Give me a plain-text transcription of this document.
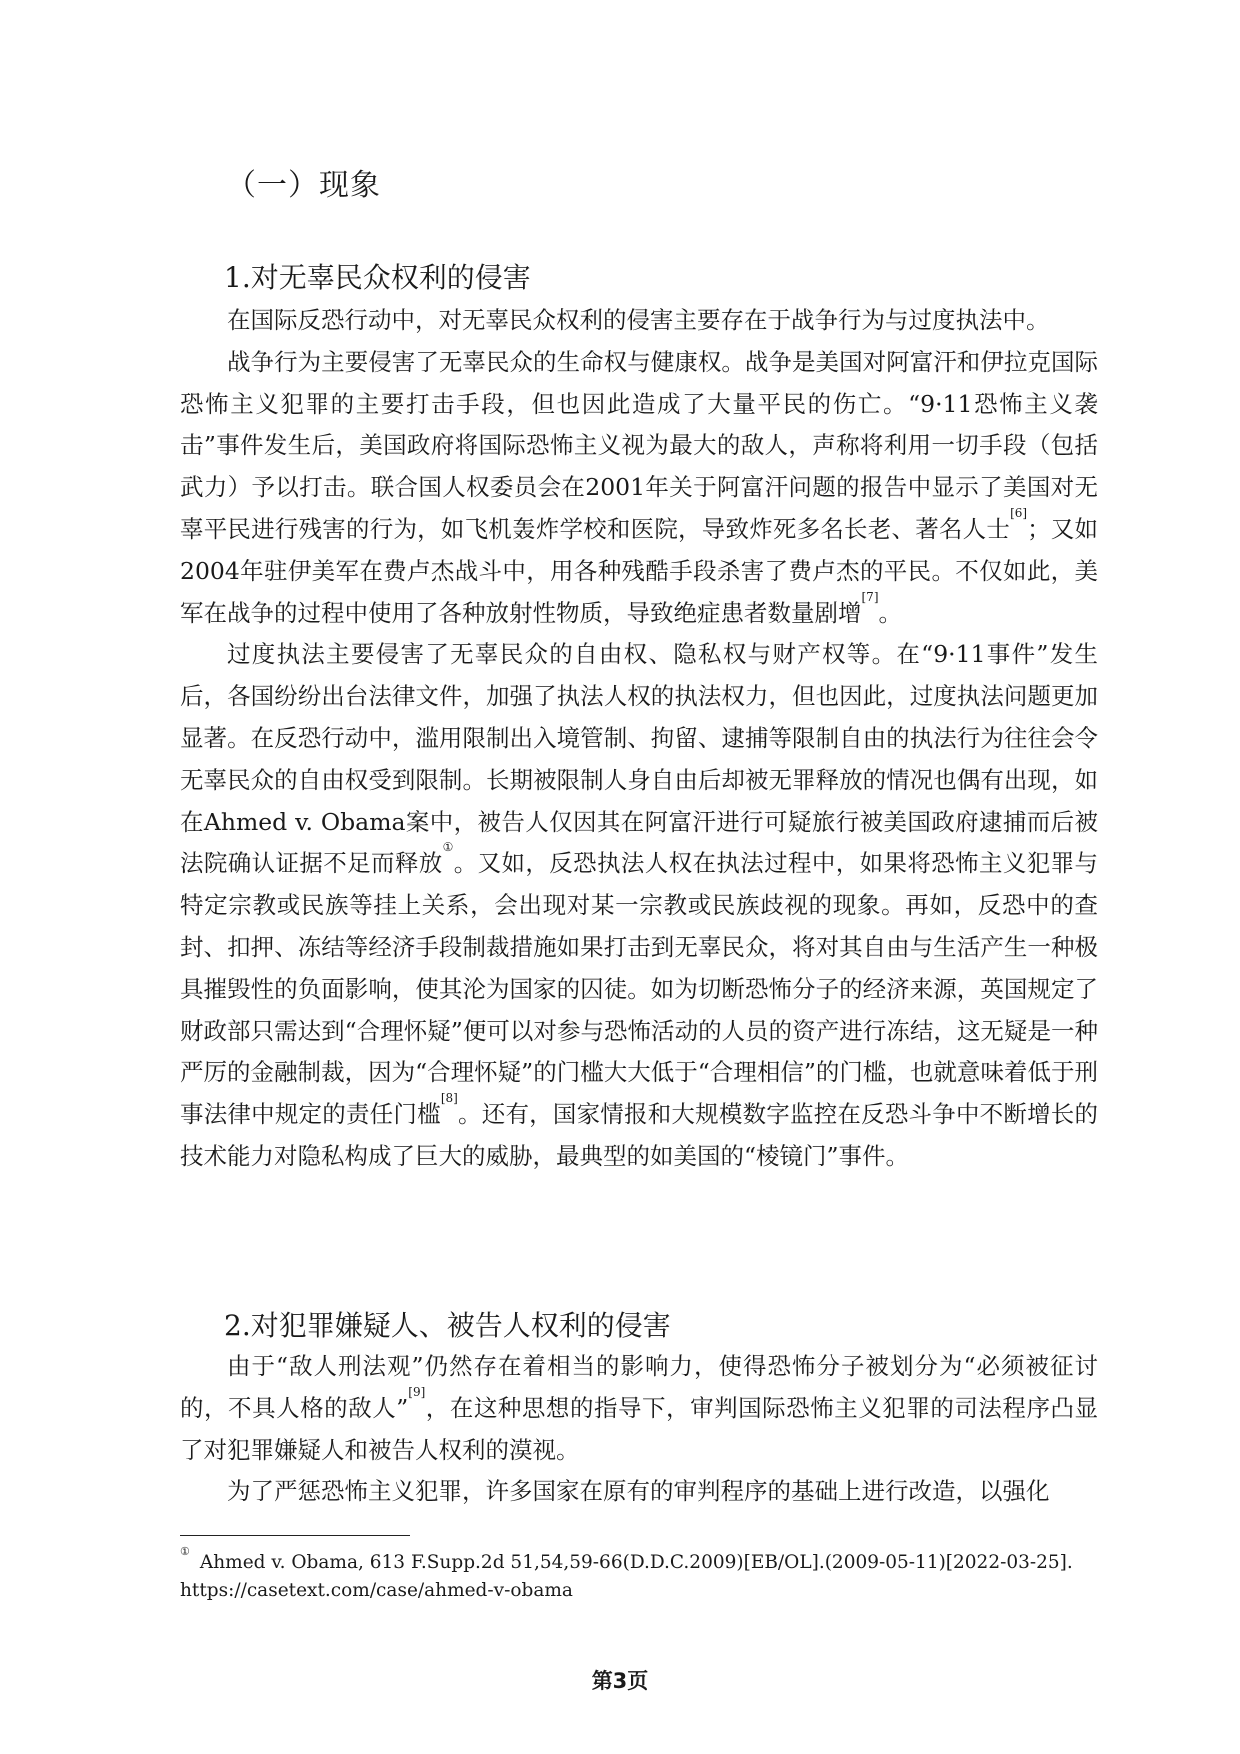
（一）现象
1.对无辜民众权利的侵害

在国际反恐行动中，对无辜民众权利的侵害主要存在于战争行为与过度执法中。

战争行为主要侵害了无辜民众的生命权与健康权。战争是美国对阿富汗和伊拉克国际恐怖主义犯罪的主要打击手段，但也因此造成了大量平民的伤亡。“9·11恐怖主义袭击”事件发生后，美国政府将国际恐怖主义视为最大的敌人，声称将利用一切手段（包括武力）予以打击。联合国人权委员会在2001年关于阿富汗问题的报告中显示了美国对无辜平民进行残害的行为，如飞机轰炸学校和医院，导致炸死多名长老、著名人士[6]；又如2004年驻伊美军在费卢杰战斗中，用各种残酷手段杀害了费卢杰的平民。不仅如此，美军在战争的过程中使用了各种放射性物质，导致绝症患者数量剧增[7]。

过度执法主要侵害了无辜民众的自由权、隐私权与财产权等。在“9·11事件”发生后，各国纷纷出台法律文件，加强了执法人权的执法权力，但也因此，过度执法问题更加显著。在反恐行动中，滥用限制出入境管制、拘留、逮捕等限制自由的执法行为往往会令无辜民众的自由权受到限制。长期被限制人身自由后却被无罪释放的情况也偶有出现，如在Ahmed v. Obama案中，被告人仅因其在阿富汗进行可疑旅行被美国政府逮捕而后被法院确认证据不足而释放①。又如，反恐执法人权在执法过程中，如果将恐怖主义犯罪与特定宗教或民族等挂上关系，会出现对某一宗教或民族歧视的现象。再如，反恐中的查封、扣押、冻结等经济手段制裁措施如果打击到无辜民众，将对其自由与生活产生一种极具摧毁性的负面影响，使其沦为国家的囚徒。如为切断恐怖分子的经济来源，英国规定了财政部只需达到“合理怀疑”便可以对参与恐怖活动的人员的资产进行冻结，这无疑是一种严厉的金融制裁，因为“合理怀疑”的门槛大大低于“合理相信”的门槛，也就意味着低于刑事法律中规定的责任门槛[8]。还有，国家情报和大规模数字监控在反恐斗争中不断增长的技术能力对隐私构成了巨大的威胁，最典型的如美国的“棱镜门”事件。

2.对犯罪嫌疑人、被告人权利的侵害

由于“敌人刑法观”仍然存在着相当的影响力，使得恐怖分子被划分为“必须被征讨的，不具人格的敌人”[9]，在这种思想的指导下，审判国际恐怖主义犯罪的司法程序凸显了对犯罪嫌疑人和被告人权利的漠视。

为了严惩恐怖主义犯罪，许多国家在原有的审判程序的基础上进行改造，以强化

①Ahmed v. Obama, 613 F.Supp.2d 51,54,59-66(D.D.C.2009)[EB/OL].(2009-05-11)[2022-03-25].https://casetext.com/case/ahmed-v-obama

第3页
